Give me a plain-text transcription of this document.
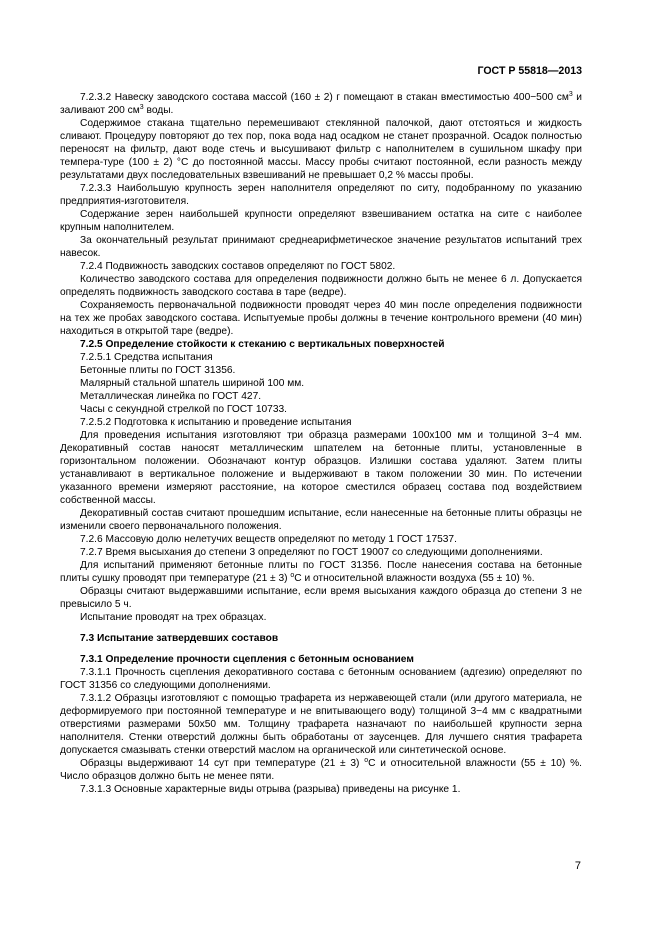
ГОСТ Р 55818—2013

7.2.3.2 Навеску заводского состава массой (160 ± 2) г помещают в стакан вместимостью 400−500 $см^3$ и заливают 200 $см^3$ воды.

Содержимое стакана тщательно перемешивают стеклянной палочкой, дают отстояться и жидкость сливают. Процедуру повторяют до тех пор, пока вода над осадком не станет прозрачной. Осадок полностью переносят на фильтр, дают воде стечь и высушивают фильтр с наполнителем в сушильном шкафу при темпера-туре (100 ± 2) °С до постоянной массы. Массу пробы считают постоянной, если разность между результатами двух последовательных взвешиваний не превышает 0,2 % массы пробы.

7.2.3.3 Наибольшую крупность зерен наполнителя определяют по ситу, подобранному по указанию предприятия-изготовителя.

Содержание зерен наибольшей крупности определяют взвешиванием остатка на сите с наиболее крупным наполнителем.

За окончательный результат принимают среднеарифметическое значение результатов испытаний трех навесок.

7.2.4 Подвижность заводских составов определяют по ГОСТ 5802.

Количество заводского состава для определения подвижности должно быть не менее 6 л. Допускается определять подвижность заводского состава в таре (ведре).

Сохраняемость первоначальной подвижности проводят через 40 мин после определения подвижности на тех же пробах заводского состава. Испытуемые пробы должны в течение контрольного времени (40 мин) находиться в открытой таре (ведре).

7.2.5 Определение стойкости к стеканию с вертикальных поверхностей

7.2.5.1 Средства испытания

Бетонные плиты по ГОСТ 31356.

Малярный стальной шпатель шириной 100 мм.

Металлическая линейка по ГОСТ 427.

Часы с секундной стрелкой по ГОСТ 10733.

7.2.5.2 Подготовка к испытанию и проведение испытания

Для проведения испытания изготовляют три образца размерами 100х100 мм и толщиной 3−4 мм. Декоративный состав наносят металлическим шпателем на бетонные плиты, установленные в горизонтальном положении. Обозначают контур образцов. Излишки состава удаляют. Затем плиты устанавливают в вертикальное положение и выдерживают в таком положении 30 мин. По истечении указанного времени измеряют расстояние, на которое сместился образец состава под воздействием собственной массы.

Декоративный состав считают прошедшим испытание, если нанесенные на бетонные плиты образцы не изменили своего первоначального положения.

7.2.6 Массовую долю нелетучих веществ определяют по методу 1 ГОСТ 17537.

7.2.7 Время высыхания до степени 3 определяют по ГОСТ 19007 со следующими дополнениями.

Для испытаний применяют бетонные плиты по ГОСТ 31356. После нанесения состава на бетонные плиты сушку проводят при температуре (21 ± 3) $^о$С и относительной влажности воздуха (55 ± 10) %.

Образцы считают выдержавшими испытание, если время высыхания каждого образца до степени 3 не превысило 5 ч.

Испытание проводят на трех образцах.

7.3 Испытание затвердевших составов

7.3.1 Определение прочности сцепления с бетонным основанием

7.3.1.1 Прочность сцепления декоративного состава с бетонным основанием (адгезию) определяют по ГОСТ 31356 со следующими дополнениями.

7.3.1.2 Образцы изготовляют с помощью трафарета из нержавеющей стали (или другого материала, не деформируемого при постоянной температуре и не впитывающего воду) толщиной 3−4 мм с квадратными отверстиями размерами 50х50 мм. Толщину трафарета назначают по наибольшей крупности зерна наполнителя. Стенки отверстий должны быть обработаны от заусенцев. Для лучшего снятия трафарета допускается смазывать стенки отверстий маслом на органической или синтетической основе.

Образцы выдерживают 14 сут при температуре (21 ± 3) $^о$С и относительной влажности (55 ± 10) %. Число образцов должно быть не менее пяти.

7.3.1.3 Основные характерные виды отрыва (разрыва) приведены на рисунке 1.

7
